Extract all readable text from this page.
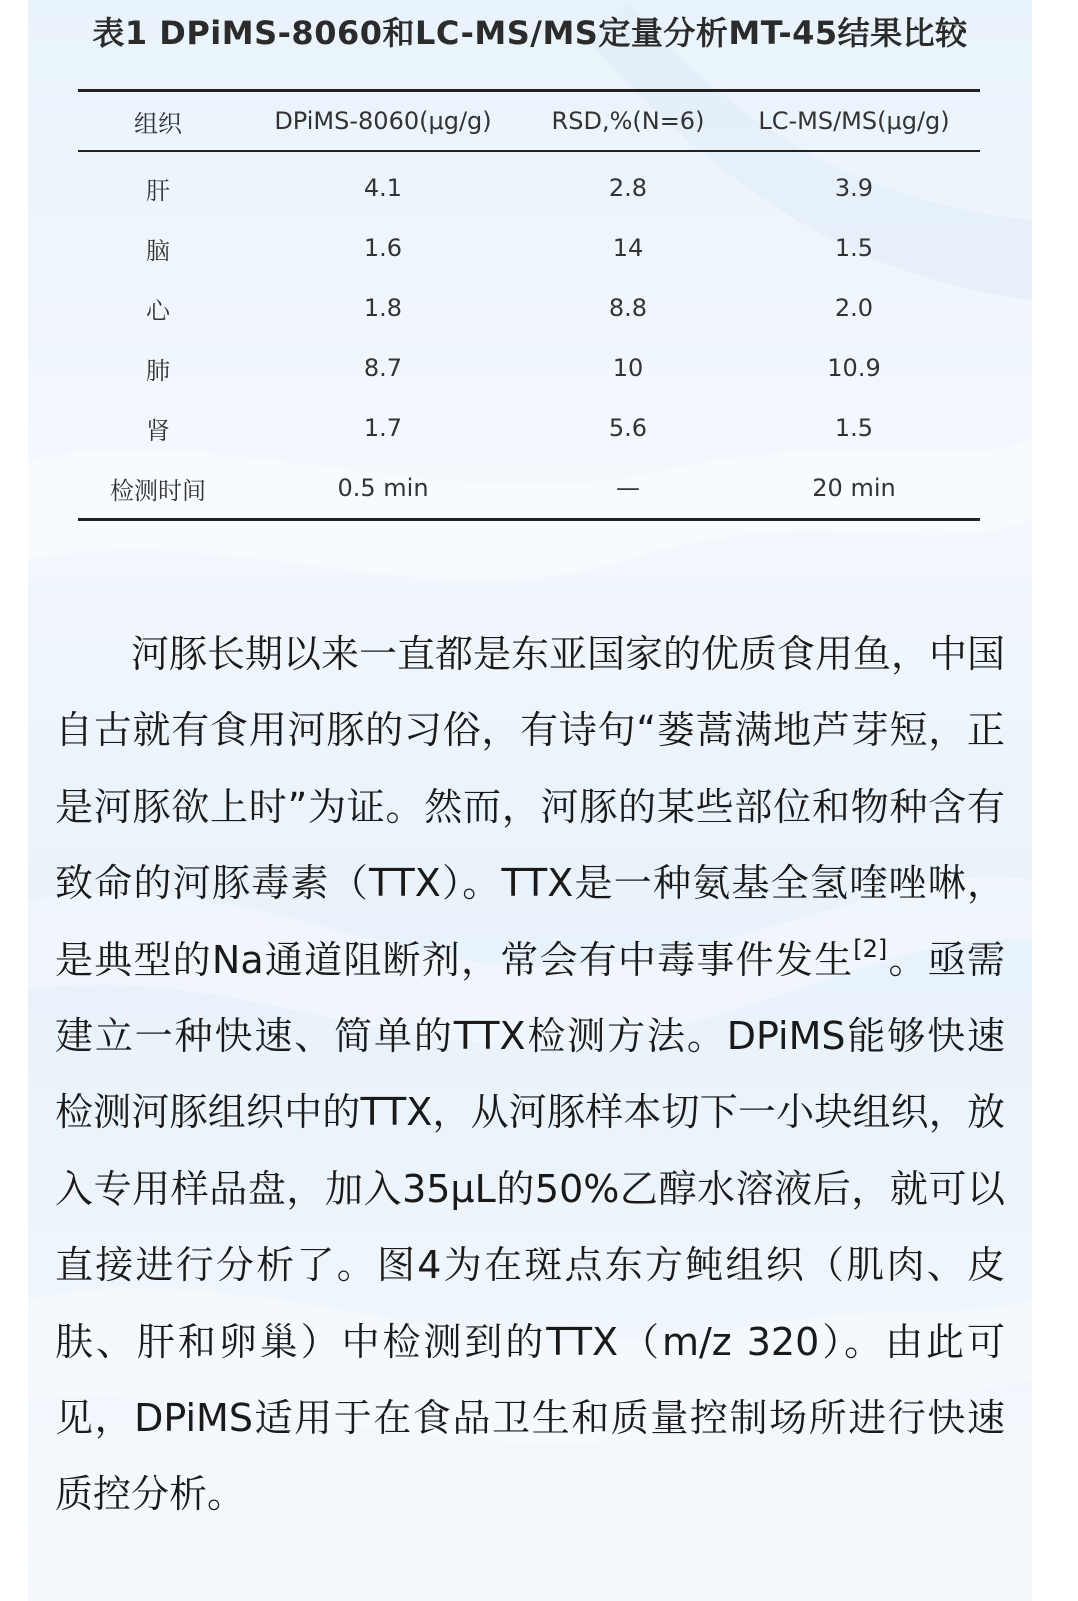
表1 DPiMS-8060和LC-MS/MS定量分析MT-45结果比较
组织	DPiMS-8060(μg/g)	RSD,%(N=6)	LC-MS/MS(μg/g)
肝	4.1	2.8	3.9
脑	1.6	14	1.5
心	1.8	8.8	2.0
肺	8.7	10	10.9
肾	1.7	5.6	1.5
检测时间	0.5 min	—	20 min

河豚长期以来一直都是东亚国家的优质食用鱼，中国自古就有食用河豚的习俗，有诗句“蒌蒿满地芦芽短，正是河豚欲上时”为证。然而，河豚的某些部位和物种含有致命的河豚毒素（TTX）。TTX是一种氨基全氢喹唑啉，是典型的Na通道阻断剂，常会有中毒事件发生[2]。亟需建立一种快速、简单的TTX检测方法。DPiMS能够快速检测河豚组织中的TTX，从河豚样本切下一小块组织，放入专用样品盘，加入35μL的50%乙醇水溶液后，就可以直接进行分析了。图4为在斑点东方鲀组织（肌肉、皮肤、肝和卵巢）中检测到的TTX（m/z 320）。由此可见，DPiMS适用于在食品卫生和质量控制场所进行快速质控分析。
